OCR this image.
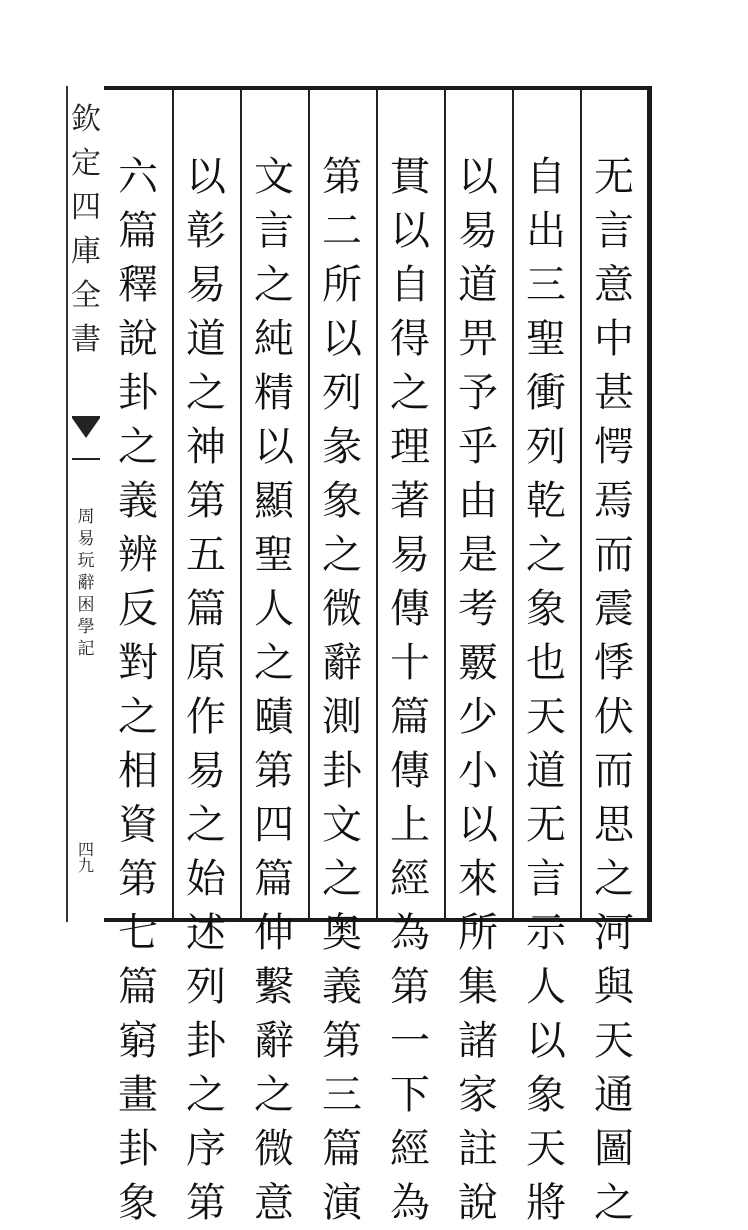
欽
定
四
庫
全
書
周
易
玩
辭
困
學
記
四
九
六
篇
釋
說
卦
之
義
辨
反
對
之
相
資
第
七
篇
窮
畫
卦
象
以
彰
易
道
之
神
第
五
篇
原
作
易
之
始
述
列
卦
之
序
第
文
言
之
純
精
以
顯
聖
人
之
賾
第
四
篇
伸
繫
辭
之
微
意
第
二
所
以
列
彖
象
之
微
辭
測
卦
文
之
奥
義
第
三
篇
演
貫
以
自
得
之
理
著
易
傳
十
篇
傳
上
經
為
第
一
下
經
為
以
易
道
畀
予
乎
由
是
考
覈
少
小
以
來
所
集
諸
家
註
說
自
出
三
聖
衝
列
乾
之
象
也
天
道
无
言
示
人
以
象
天
將
无
言
意
中
甚
愕
焉
而
震
悸
伏
而
思
之
河
與
天
通
圖
之
